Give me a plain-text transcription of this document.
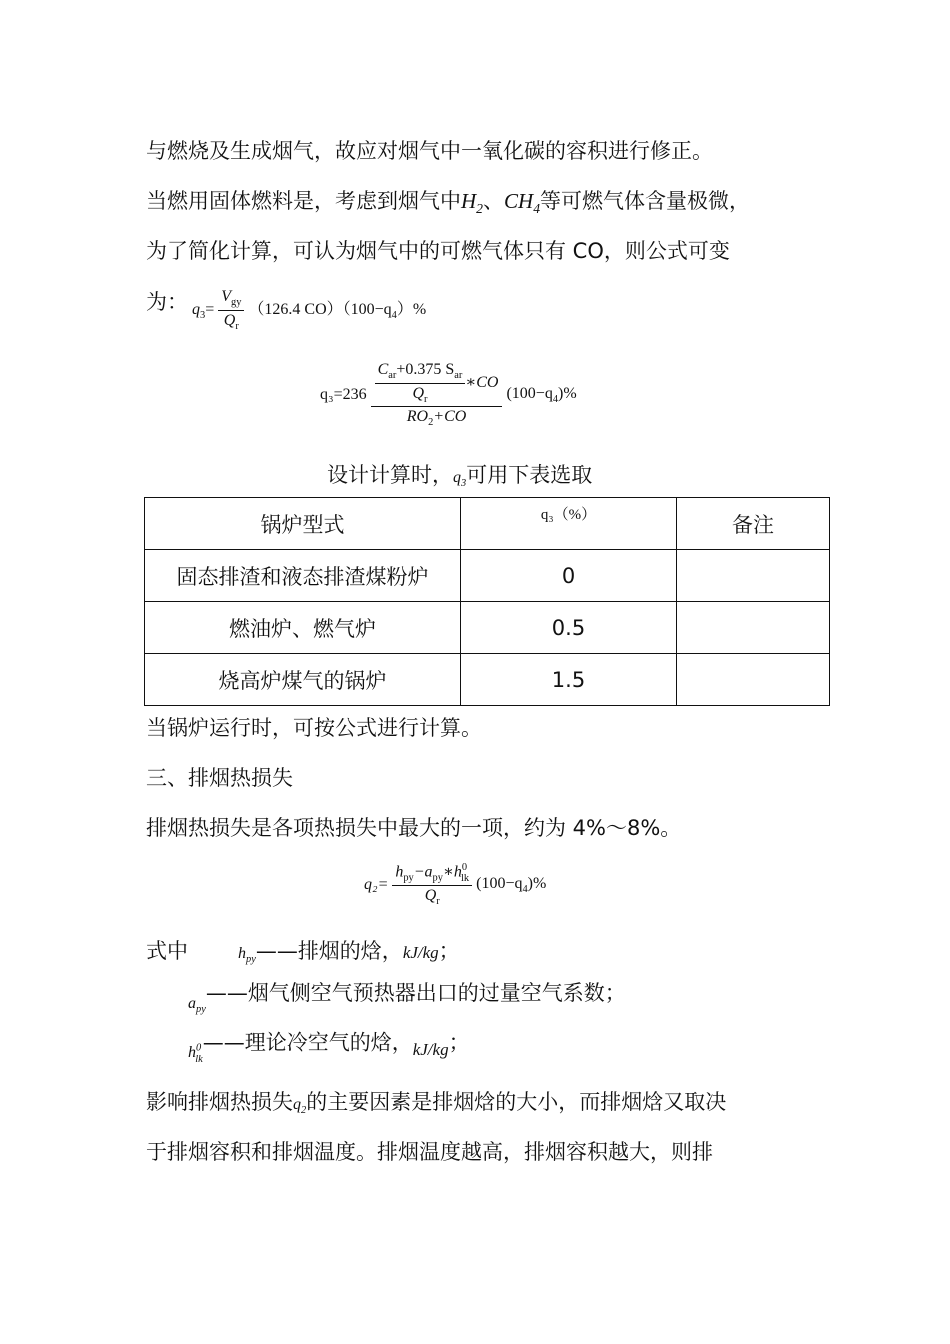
与燃烧及生成烟气，故应对烟气中一氧化碳的容积进行修正。
当燃用固体燃料是，考虑到烟气中$H_2$、$CH_4$等可燃气体含量极微，
为了简化计算，可认为烟气中的可燃气体只有 CO，则公式可变
为： $q_3= \frac{V_{gy}}{Q_r} (126.4$ $CO)(100-q_4)\%$
$q_3=236 \frac{\frac{C_{ar}+0.375 S_{ar}}{Q_r} ∗CO}{RO_2+CO} (100-q_4)\%$
设计计算时，$q_3$可用下表选取
锅炉型式	$^{q_3(\%)}$	备注
固态排渣和液态排渣煤粉炉	0	
燃油炉、燃气炉	0.5	
烧高炉煤气的锅炉	1.5	
当锅炉运行时，可按公式进行计算。
三、排烟热损失
排烟热损失是各项热损失中最大的一项，约为 4%～8%。
$q_2= \frac{h_{py}-a_{py}∗h^0_{lk}}{Q_r} (100-q_4)\%$
式中	$h_{py}——$排烟的焓，kJ/kg；
$_{a_{py}}$——烟气侧空气预热器出口的过量空气系数；
$_{h^0_{lk}}$——理论冷空气的焓，$_{kJ/kg}$；
影响排烟热损失$q_2$的主要因素是排烟焓的大小，而排烟焓又取决
于排烟容积和排烟温度。排烟温度越高，排烟容积越大，则排
